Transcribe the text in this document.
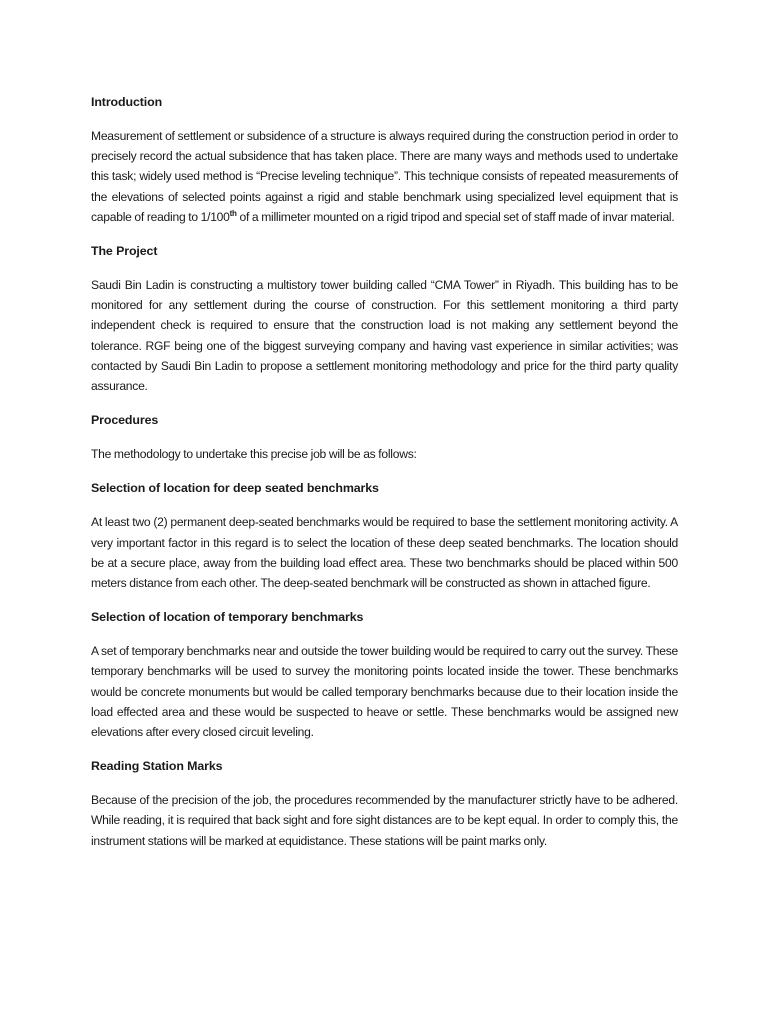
Introduction

Measurement of settlement or subsidence of a structure is always required during the construction period in order to precisely record the actual subsidence that has taken place. There are many ways and methods used to undertake this task; widely used method is “Precise leveling technique”. This technique consists of repeated measurements of the elevations of selected points against a rigid and stable benchmark using specialized level equipment that is capable of reading to 1/100th of a millimeter mounted on a rigid tripod and special set of staff made of invar material.

The Project

Saudi Bin Ladin is constructing a multistory tower building called “CMA Tower” in Riyadh. This building has to be monitored for any settlement during the course of construction. For this settlement monitoring a third party independent check is required to ensure that the construction load is not making any settlement beyond the tolerance. RGF being one of the biggest surveying company and having vast experience in similar activities; was contacted by Saudi Bin Ladin to propose a settlement monitoring methodology and price for the third party quality assurance.

Procedures

The methodology to undertake this precise job will be as follows:

Selection of location for deep seated benchmarks

At least two (2) permanent deep-seated benchmarks would be required to base the settlement monitoring activity. A very important factor in this regard is to select the location of these deep seated benchmarks. The location should be at a secure place, away from the building load effect area. These two benchmarks should be placed within 500 meters distance from each other. The deep-seated benchmark will be constructed as shown in attached figure.

Selection of location of temporary benchmarks

A set of temporary benchmarks near and outside the tower building would be required to carry out the survey. These temporary benchmarks will be used to survey the monitoring points located inside the tower. These benchmarks would be concrete monuments but would be called temporary benchmarks because due to their location inside the load effected area and these would be suspected to heave or settle. These benchmarks would be assigned new elevations after every closed circuit leveling.

Reading Station Marks

Because of the precision of the job, the procedures recommended by the manufacturer strictly have to be adhered. While reading, it is required that back sight and fore sight distances are to be kept equal. In order to comply this, the instrument stations will be marked at equidistance. These stations will be paint marks only.
